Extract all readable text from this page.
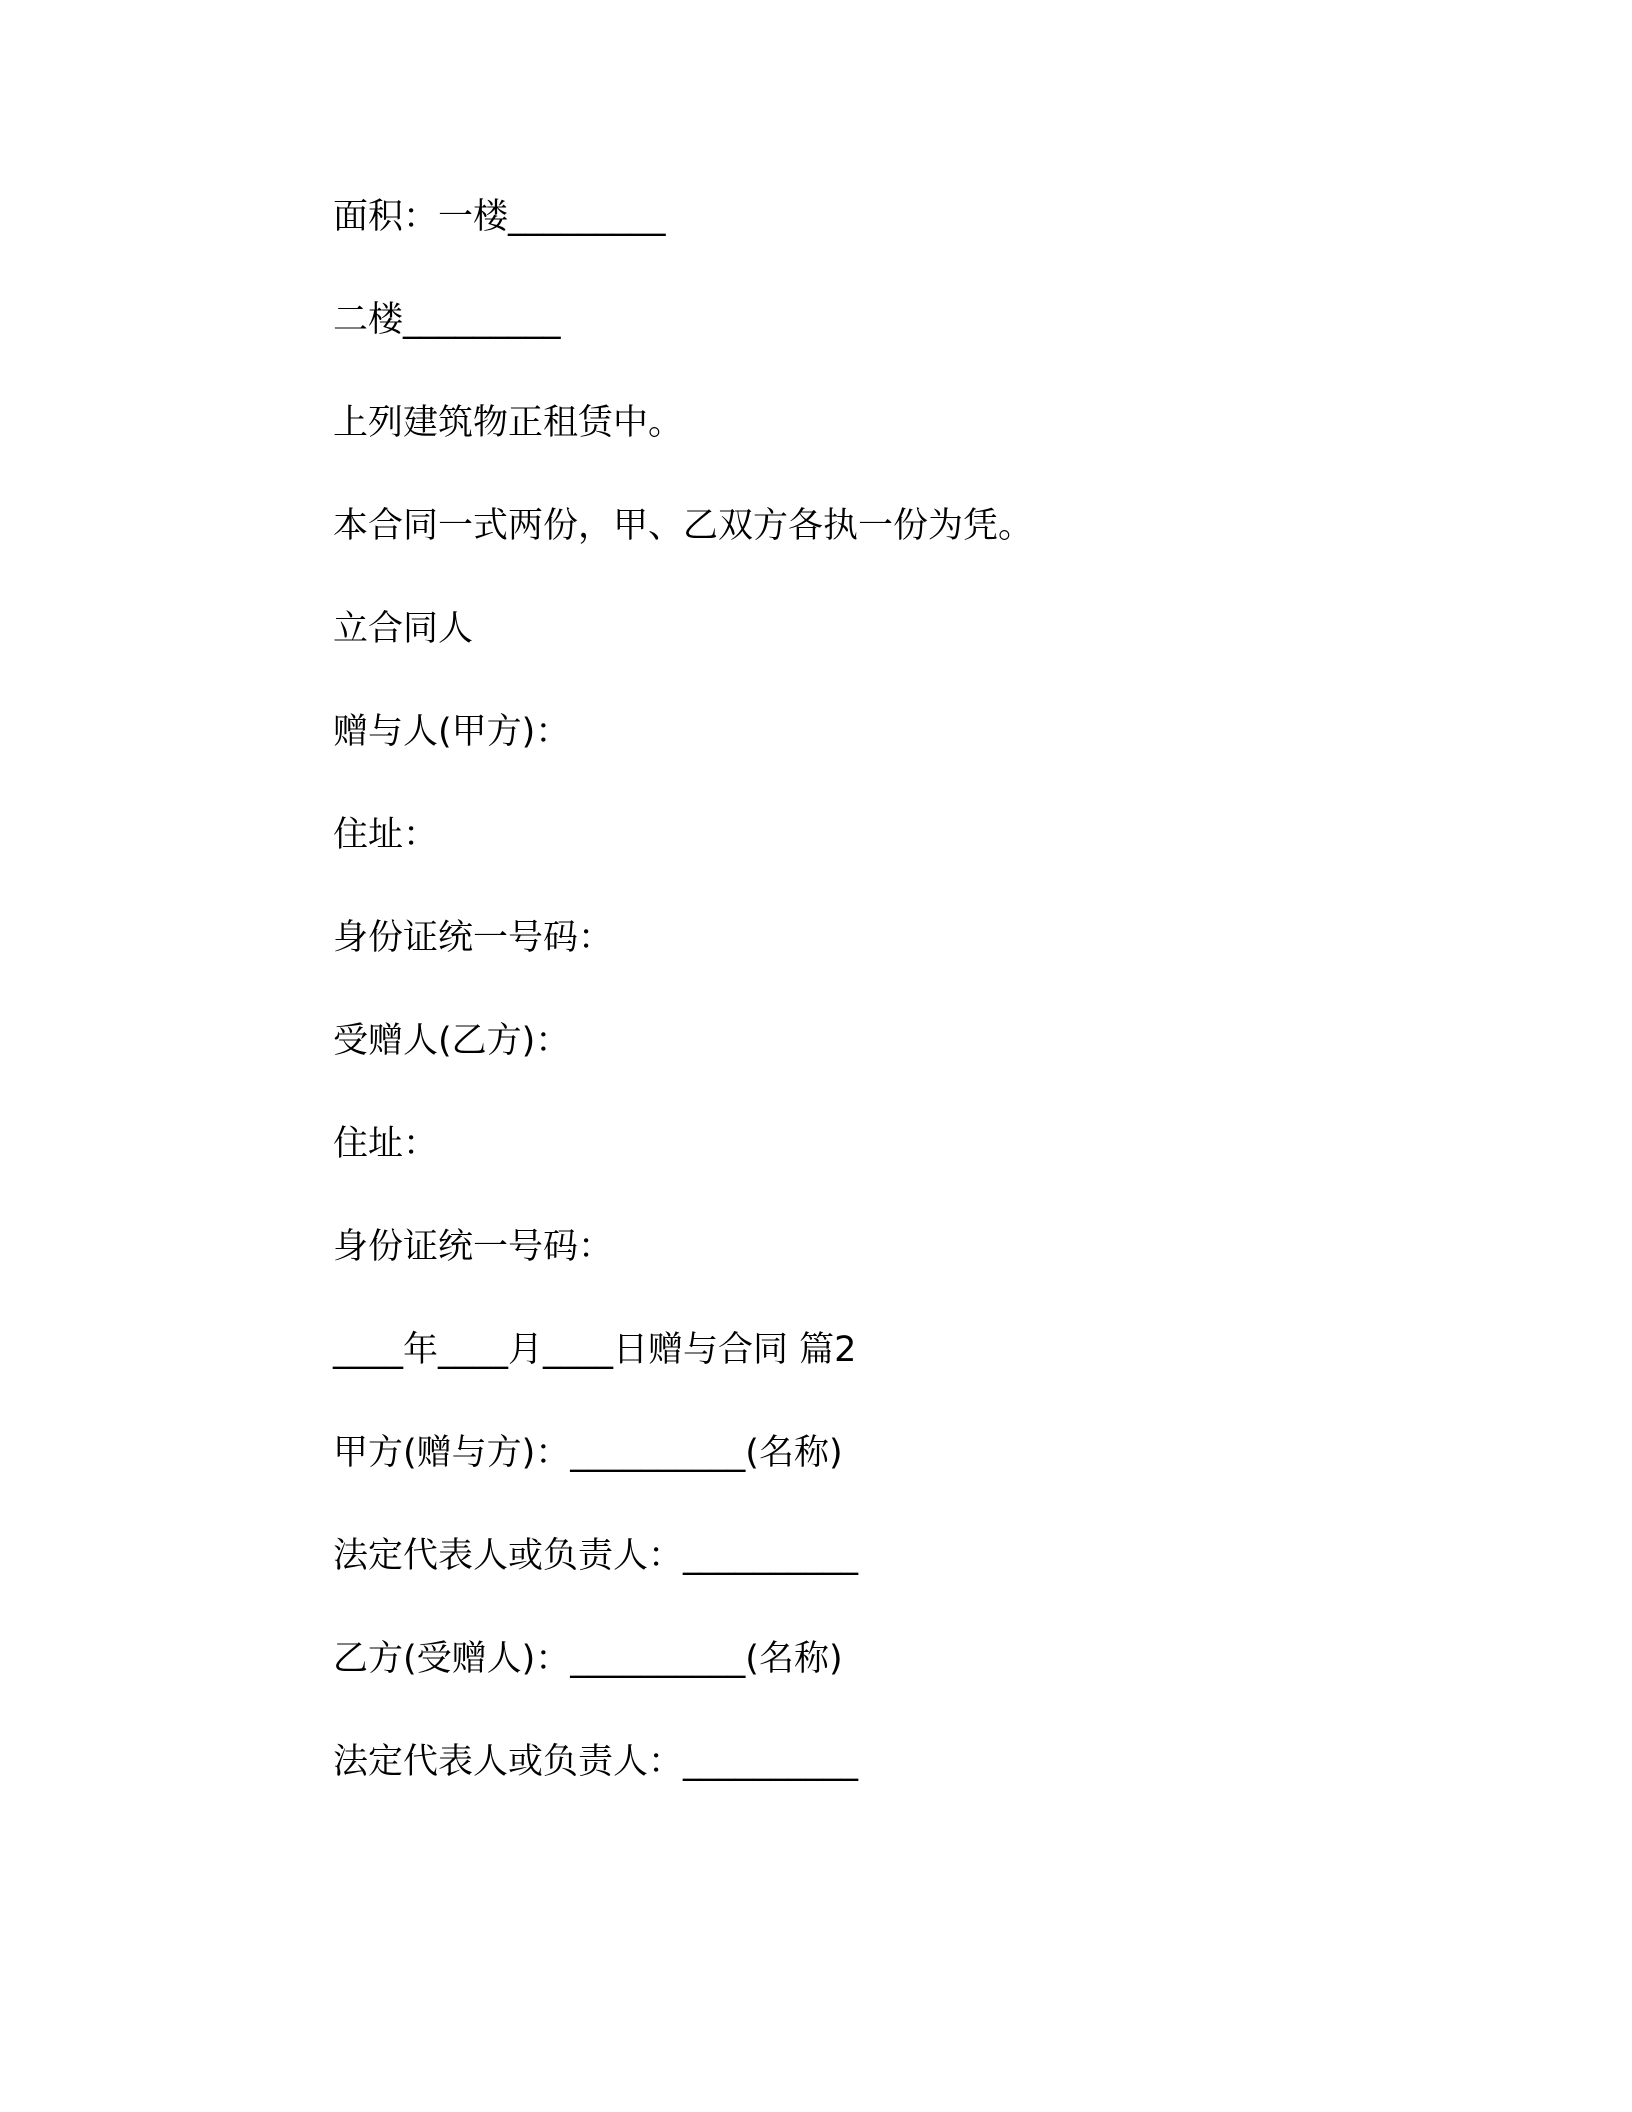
面积：一楼_________

二楼_________

上列建筑物正租赁中。

本合同一式两份，甲、乙双方各执一份为凭。

立合同人

赠与人(甲方)：

住址：

身份证统一号码：

受赠人(乙方)：

住址：

身份证统一号码：

____年____月____日赠与合同 篇2

甲方(赠与方)：__________(名称)

法定代表人或负责人：__________

乙方(受赠人)：__________(名称)

法定代表人或负责人：__________
